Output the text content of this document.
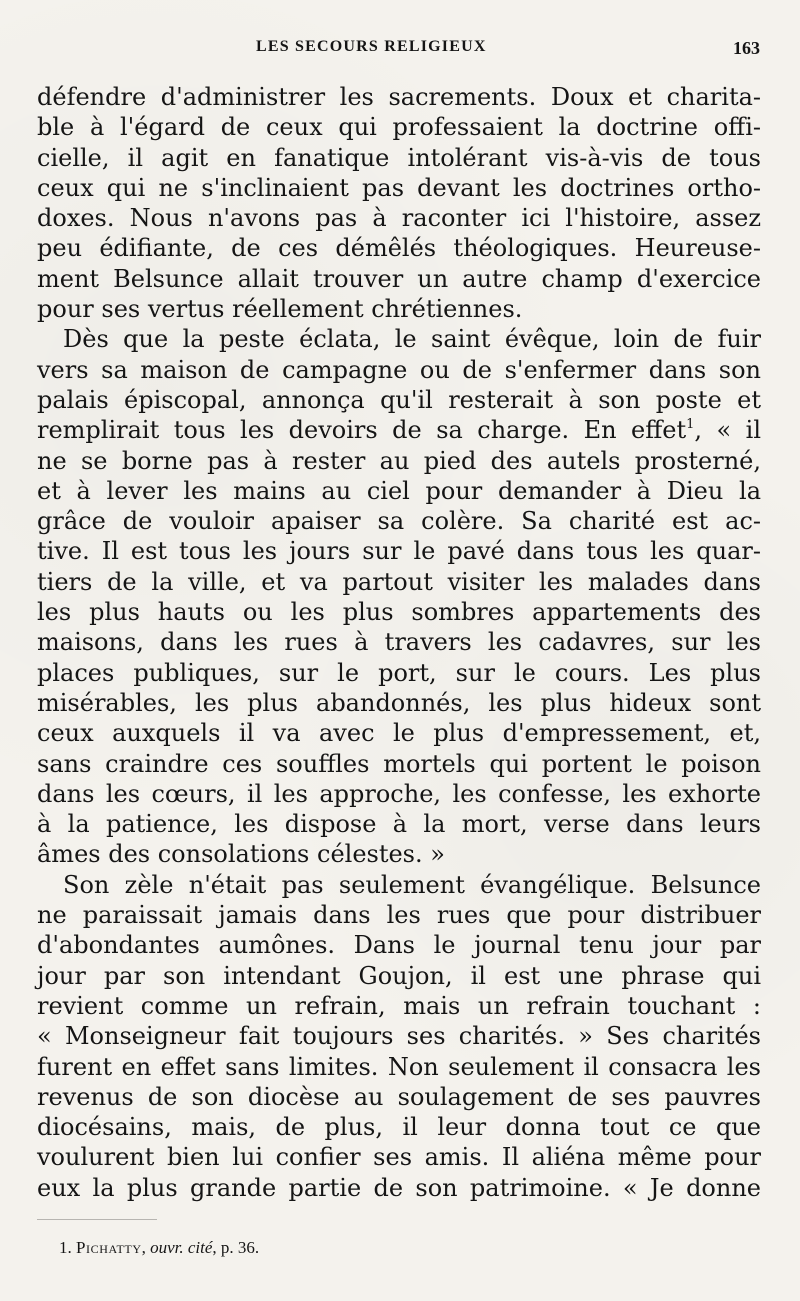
LES SECOURS RELIGIEUX	163
défendre d'administrer les sacrements. Doux et charita-
ble à l'égard de ceux qui professaient la doctrine offi-
cielle, il agit en fanatique intolérant vis-à-vis de tous
ceux qui ne s'inclinaient pas devant les doctrines ortho-
doxes. Nous n'avons pas à raconter ici l'histoire, assez
peu édifiante, de ces démêlés théologiques. Heureuse-
ment Belsunce allait trouver un autre champ d'exercice
pour ses vertus réellement chrétiennes.
Dès que la peste éclata, le saint évêque, loin de fuir
vers sa maison de campagne ou de s'enfermer dans son
palais épiscopal, annonça qu'il resterait à son poste et
remplirait tous les devoirs de sa charge. En effet$^1$, « il
ne se borne pas à rester au pied des autels prosterné,
et à lever les mains au ciel pour demander à Dieu la
grâce de vouloir apaiser sa colère. Sa charité est ac-
tive. Il est tous les jours sur le pavé dans tous les quar-
tiers de la ville, et va partout visiter les malades dans
les plus hauts ou les plus sombres appartements des
maisons, dans les rues à travers les cadavres, sur les
places publiques, sur le port, sur le cours. Les plus
misérables, les plus abandonnés, les plus hideux sont
ceux auxquels il va avec le plus d'empressement, et,
sans craindre ces souffles mortels qui portent le poison
dans les cœurs, il les approche, les confesse, les exhorte
à la patience, les dispose à la mort, verse dans leurs
âmes des consolations célestes. »
Son zèle n'était pas seulement évangélique. Belsunce
ne paraissait jamais dans les rues que pour distribuer
d'abondantes aumônes. Dans le journal tenu jour par
jour par son intendant Goujon, il est une phrase qui
revient comme un refrain, mais un refrain touchant :
« Monseigneur fait toujours ses charités. » Ses charités
furent en effet sans limites. Non seulement il consacra les
revenus de son diocèse au soulagement de ses pauvres
diocésains, mais, de plus, il leur donna tout ce que
voulurent bien lui confier ses amis. Il aliéna même pour
eux la plus grande partie de son patrimoine. « Je donne
1. Pichatty, ouvr. cité, p. 36.
